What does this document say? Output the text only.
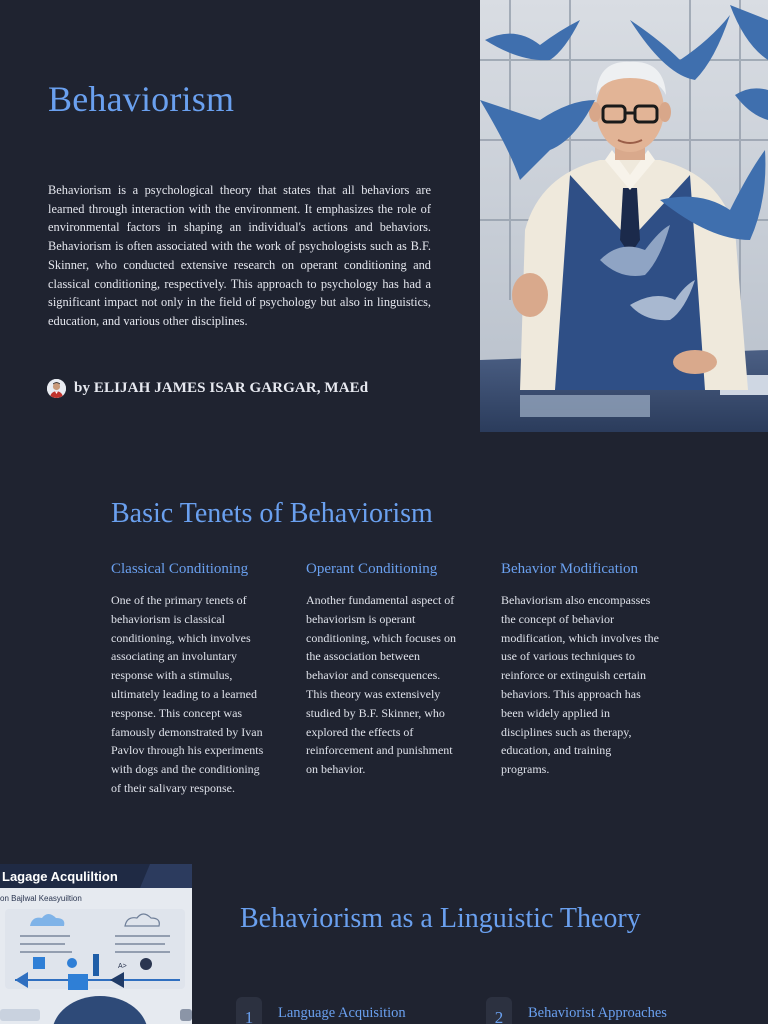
Behaviorism

Behaviorism is a psychological theory that states that all behaviors are learned through interaction with the environment. It emphasizes the role of environmental factors in shaping an individual's actions and behaviors. Behaviorism is often associated with the work of psychologists such as B.F. Skinner, who conducted extensive research on operant conditioning and classical conditioning, respectively. This approach to psychology has had a significant impact not only in the field of psychology but also in linguistics, education, and various other disciplines.

by ELIJAH JAMES ISAR GARGAR, MAEd
Basic Tenets of Behaviorism
Classical Conditioning

One of the primary tenets of behaviorism is classical conditioning, which involves associating an involuntary response with a stimulus, ultimately leading to a learned response. This concept was famously demonstrated by Ivan Pavlov through his experiments with dogs and the conditioning of their salivary response.

Operant Conditioning

Another fundamental aspect of behaviorism is operant conditioning, which focuses on the association between behavior and consequences. This theory was extensively studied by B.F. Skinner, who explored the effects of reinforcement and punishment on behavior.

Behavior Modification

Behaviorism also encompasses the concept of behavior modification, which involves the use of various techniques to reinforce or extinguish certain behaviors. This approach has been widely applied in disciplines such as therapy, education, and training programs.

Lagage Acquliltion
on Bajlwal Keasyuiltion
A>
Behaviorism as a Linguistic Theory
1	Language Acquisition	2	Behaviorist Approaches
